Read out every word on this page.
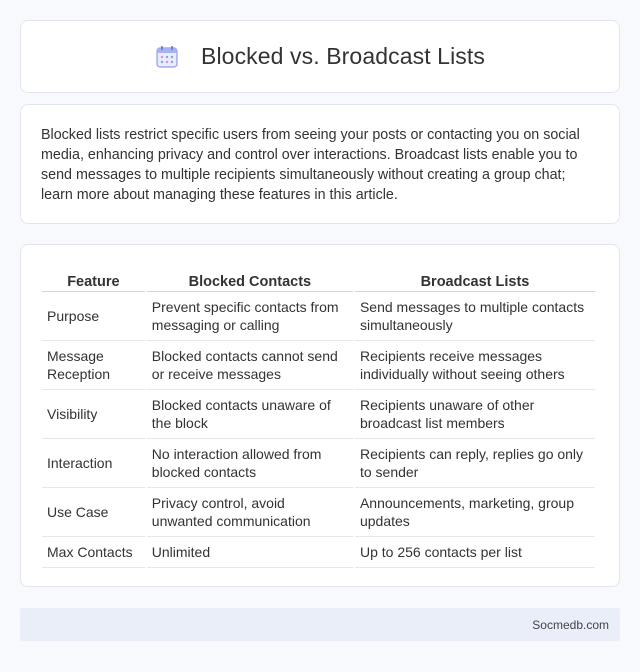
Blocked vs. Broadcast Lists

Blocked lists restrict specific users from seeing your posts or contacting you on social media, enhancing privacy and control over interactions. Broadcast lists enable you to send messages to multiple recipients simultaneously without creating a group chat; learn more about managing these features in this article.

Feature	Blocked Contacts	Broadcast Lists
Purpose	Prevent specific contacts from messaging or calling	Send messages to multiple contacts simultaneously
Message Reception	Blocked contacts cannot send or receive messages	Recipients receive messages individually without seeing others
Visibility	Blocked contacts unaware of the block	Recipients unaware of other broadcast list members
Interaction	No interaction allowed from blocked contacts	Recipients can reply, replies go only to sender
Use Case	Privacy control, avoid unwanted communication	Announcements, marketing, group updates
Max Contacts	Unlimited	Up to 256 contacts per list
Socmedb.com
